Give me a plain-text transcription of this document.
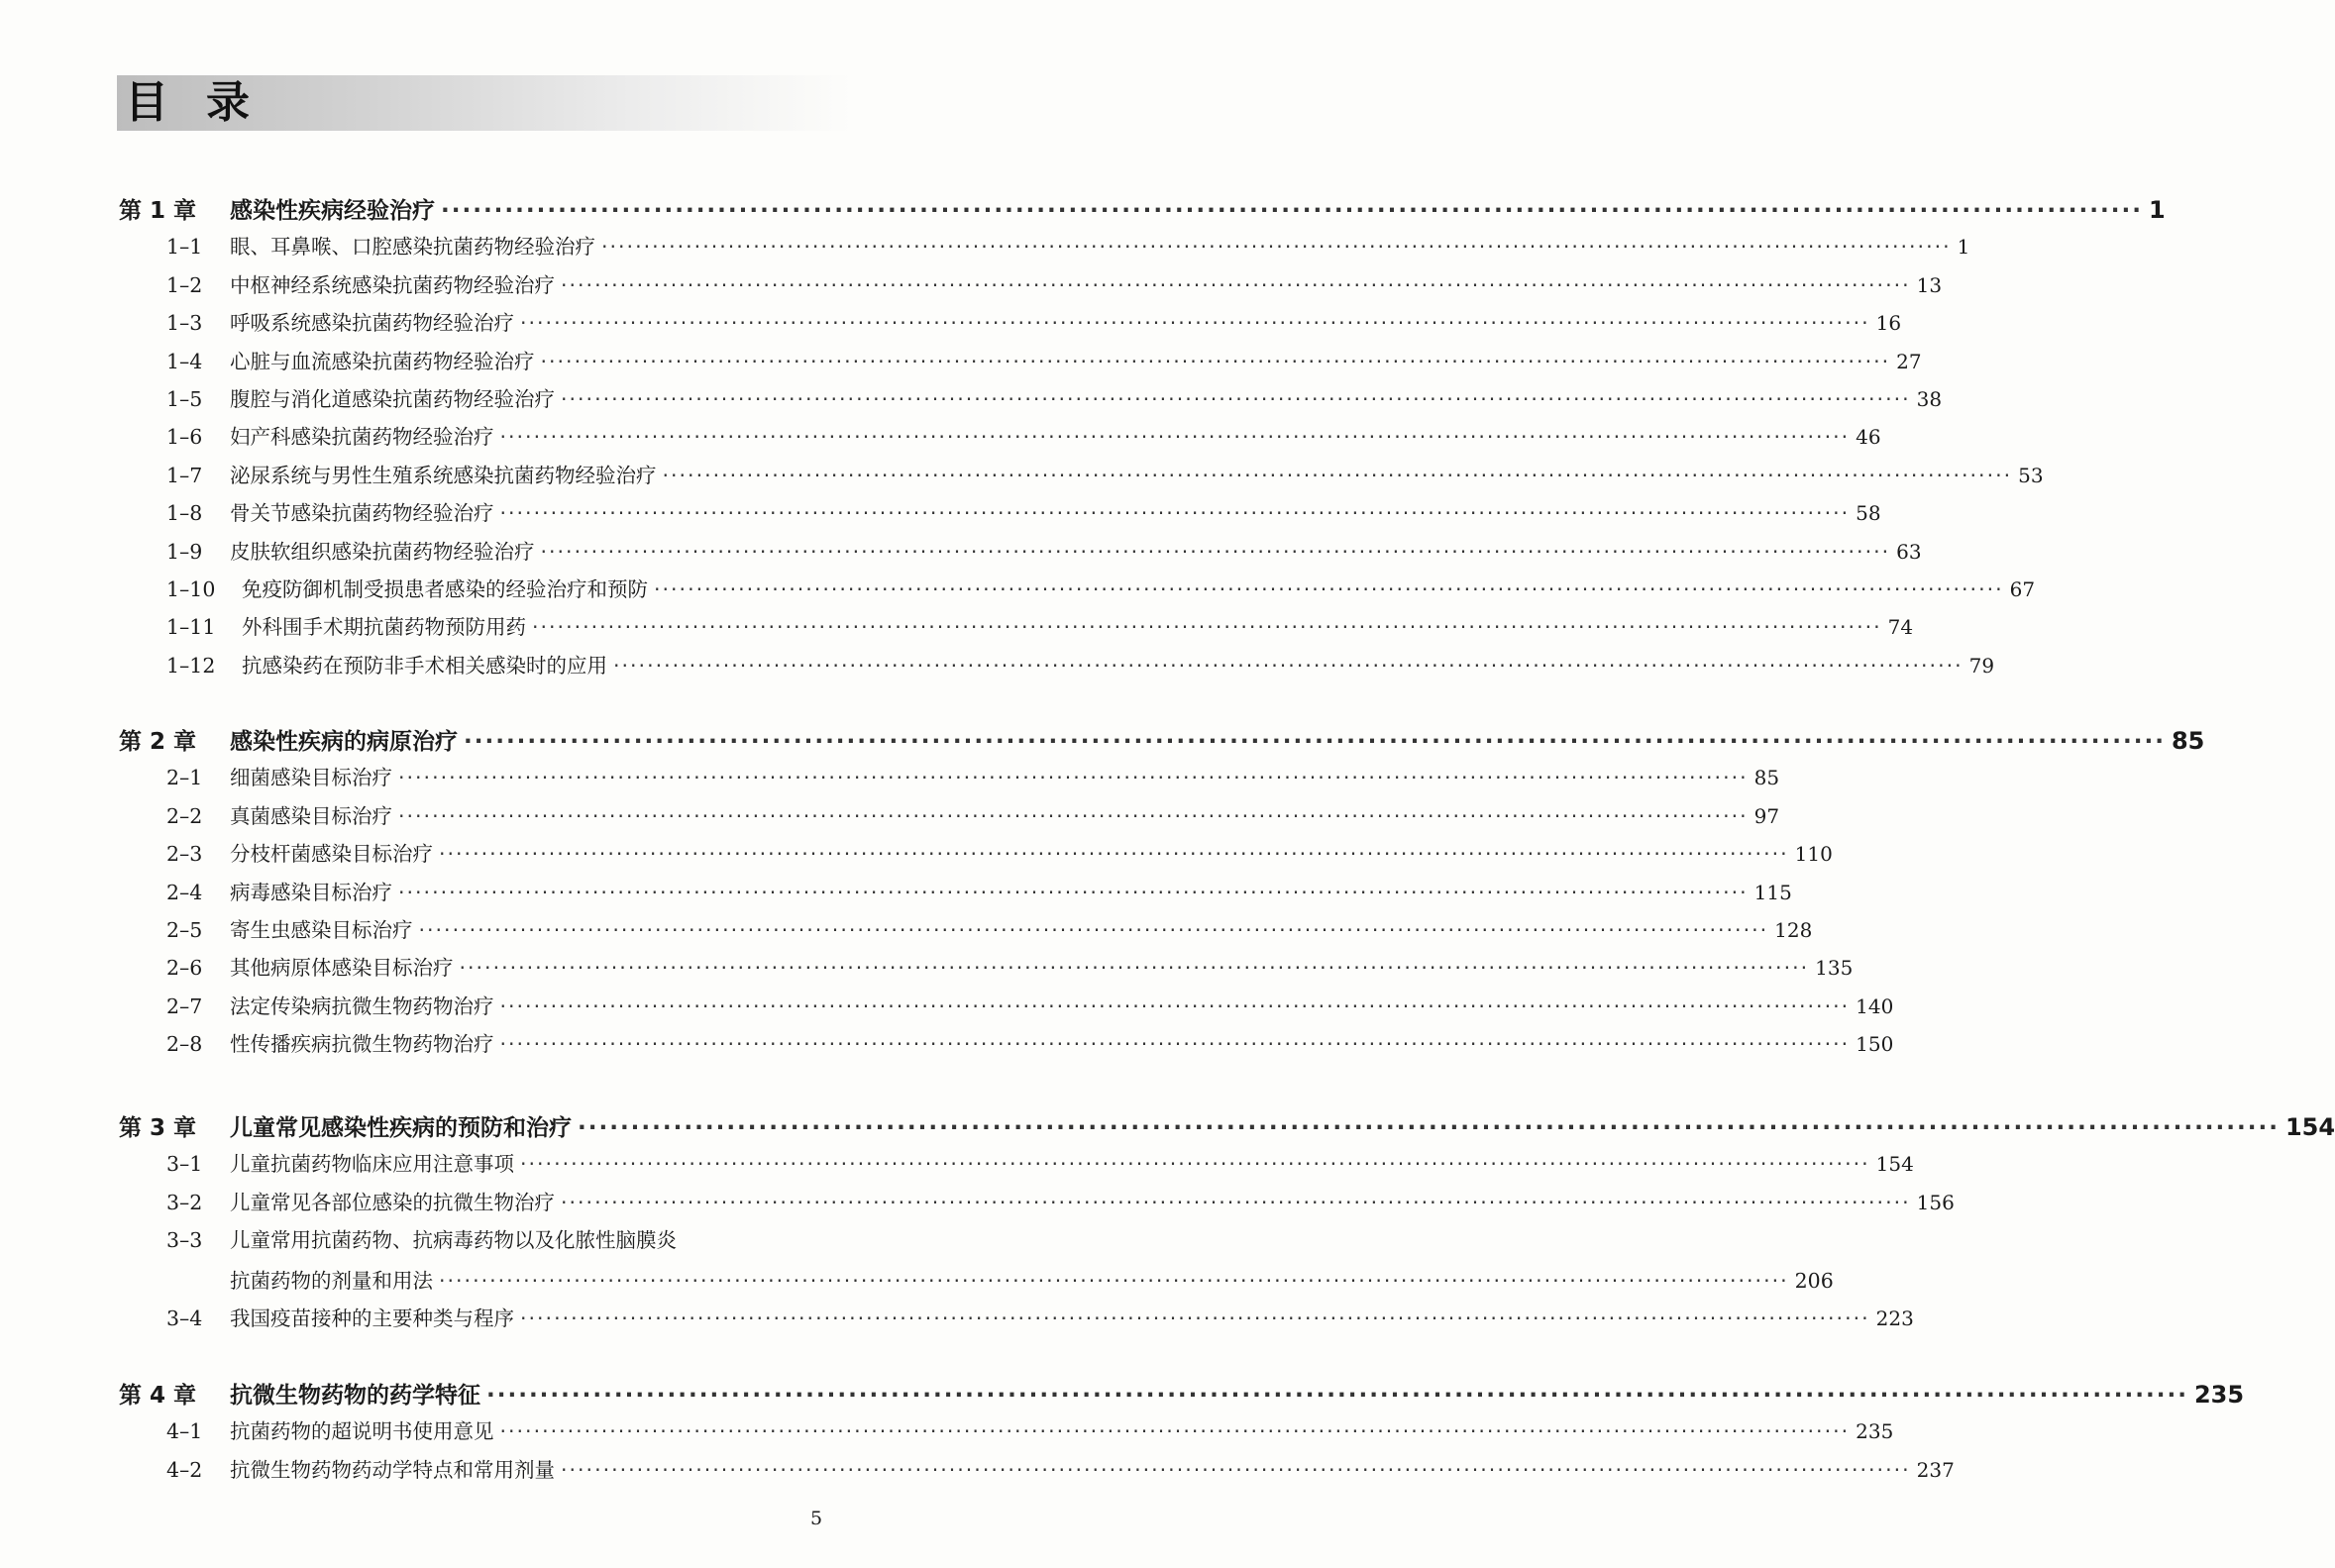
目录
第 1 章	感染性疾病经验治疗 ································································································································································ 1
1–1	眼、耳鼻喉、口腔感染抗菌药物经验治疗 ································································································································································ 1
1–2	中枢神经系统感染抗菌药物经验治疗 ································································································································································ 13
1–3	呼吸系统感染抗菌药物经验治疗 ································································································································································ 16
1–4	心脏与血流感染抗菌药物经验治疗 ································································································································································ 27
1–5	腹腔与消化道感染抗菌药物经验治疗 ································································································································································ 38
1–6	妇产科感染抗菌药物经验治疗 ································································································································································ 46
1–7	泌尿系统与男性生殖系统感染抗菌药物经验治疗 ································································································································································ 53
1–8	骨关节感染抗菌药物经验治疗 ································································································································································ 58
1–9	皮肤软组织感染抗菌药物经验治疗 ································································································································································ 63
1–10	免疫防御机制受损患者感染的经验治疗和预防 ································································································································································ 67
1–11	外科围手术期抗菌药物预防用药 ································································································································································ 74
1–12	抗感染药在预防非手术相关感染时的应用 ································································································································································ 79
第 2 章	感染性疾病的病原治疗 ································································································································································ 85
2–1	细菌感染目标治疗 ································································································································································ 85
2–2	真菌感染目标治疗 ································································································································································ 97
2–3	分枝杆菌感染目标治疗 ································································································································································ 110
2–4	病毒感染目标治疗 ································································································································································ 115
2–5	寄生虫感染目标治疗 ································································································································································ 128
2–6	其他病原体感染目标治疗 ································································································································································ 135
2–7	法定传染病抗微生物药物治疗 ································································································································································ 140
2–8	性传播疾病抗微生物药物治疗 ································································································································································ 150
第 3 章	儿童常见感染性疾病的预防和治疗 ································································································································································ 154
3–1	儿童抗菌药物临床应用注意事项 ································································································································································ 154
3–2	儿童常见各部位感染的抗微生物治疗 ································································································································································ 156
3–3	儿童常用抗菌药物、抗病毒药物以及化脓性脑膜炎
抗菌药物的剂量和用法 ································································································································································ 206
3–4	我国疫苗接种的主要种类与程序 ································································································································································ 223
第 4 章	抗微生物药物的药学特征 ································································································································································ 235
4–1	抗菌药物的超说明书使用意见 ································································································································································ 235
4–2	抗微生物药物药动学特点和常用剂量 ································································································································································ 237
5
